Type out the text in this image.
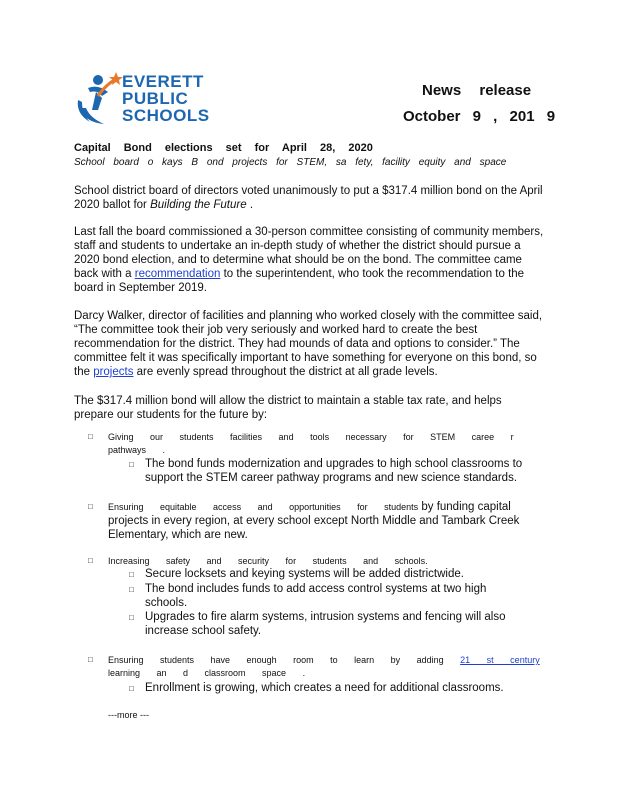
EVERETT
PUBLIC
SCHOOLS
News release
October 9 , 201 9
Capital Bond elections set for April 28, 2020
School board o kays B ond projects for STEM, sa fety, facility equity and space
School district board of directors voted unanimously to put a $317.4 million bond on the April 2020 ballot for Building the Future .
Last fall the board commissioned a 30-person committee consisting of community members, staff and students to undertake an in-depth study of whether the district should pursue a 2020 bond election, and to determine what should be on the bond. The committee came back with a recommendation to the superintendent, who took the recommendation to the board in September 2019.
Darcy Walker, director of facilities and planning who worked closely with the committee said, “The committee took their job very seriously and worked hard to create the best recommendation for the district. They had mounds of data and options to consider.” The committee felt it was specifically important to have something for everyone on this bond, so the projects are evenly spread throughout the district at all grade levels.
The $317.4 million bond will allow the district to maintain a stable tax rate, and helps prepare our students for the future by:
□ Giving our students facilities and tools necessary for STEM caree r
pathways .
□ The bond funds modernization and upgrades to high school classrooms to support the STEM career pathway programs and new science standards.
□ Ensuring equitable access and opportunities for students by funding capital projects in every region, at every school except North Middle and Tambark Creek Elementary, which are new.
□ Increasing safety and security for students and schools.
□ Secure locksets and keying systems will be added districtwide.
□ The bond includes funds to add access control systems at two high schools.
□ Upgrades to fire alarm systems, intrusion systems and fencing will also increase school safety.
□ Ensuring students have enough room to learn by adding 21 st century
learning an d classroom space .
□ Enrollment is growing, which creates a need for additional classrooms.
---more ---
